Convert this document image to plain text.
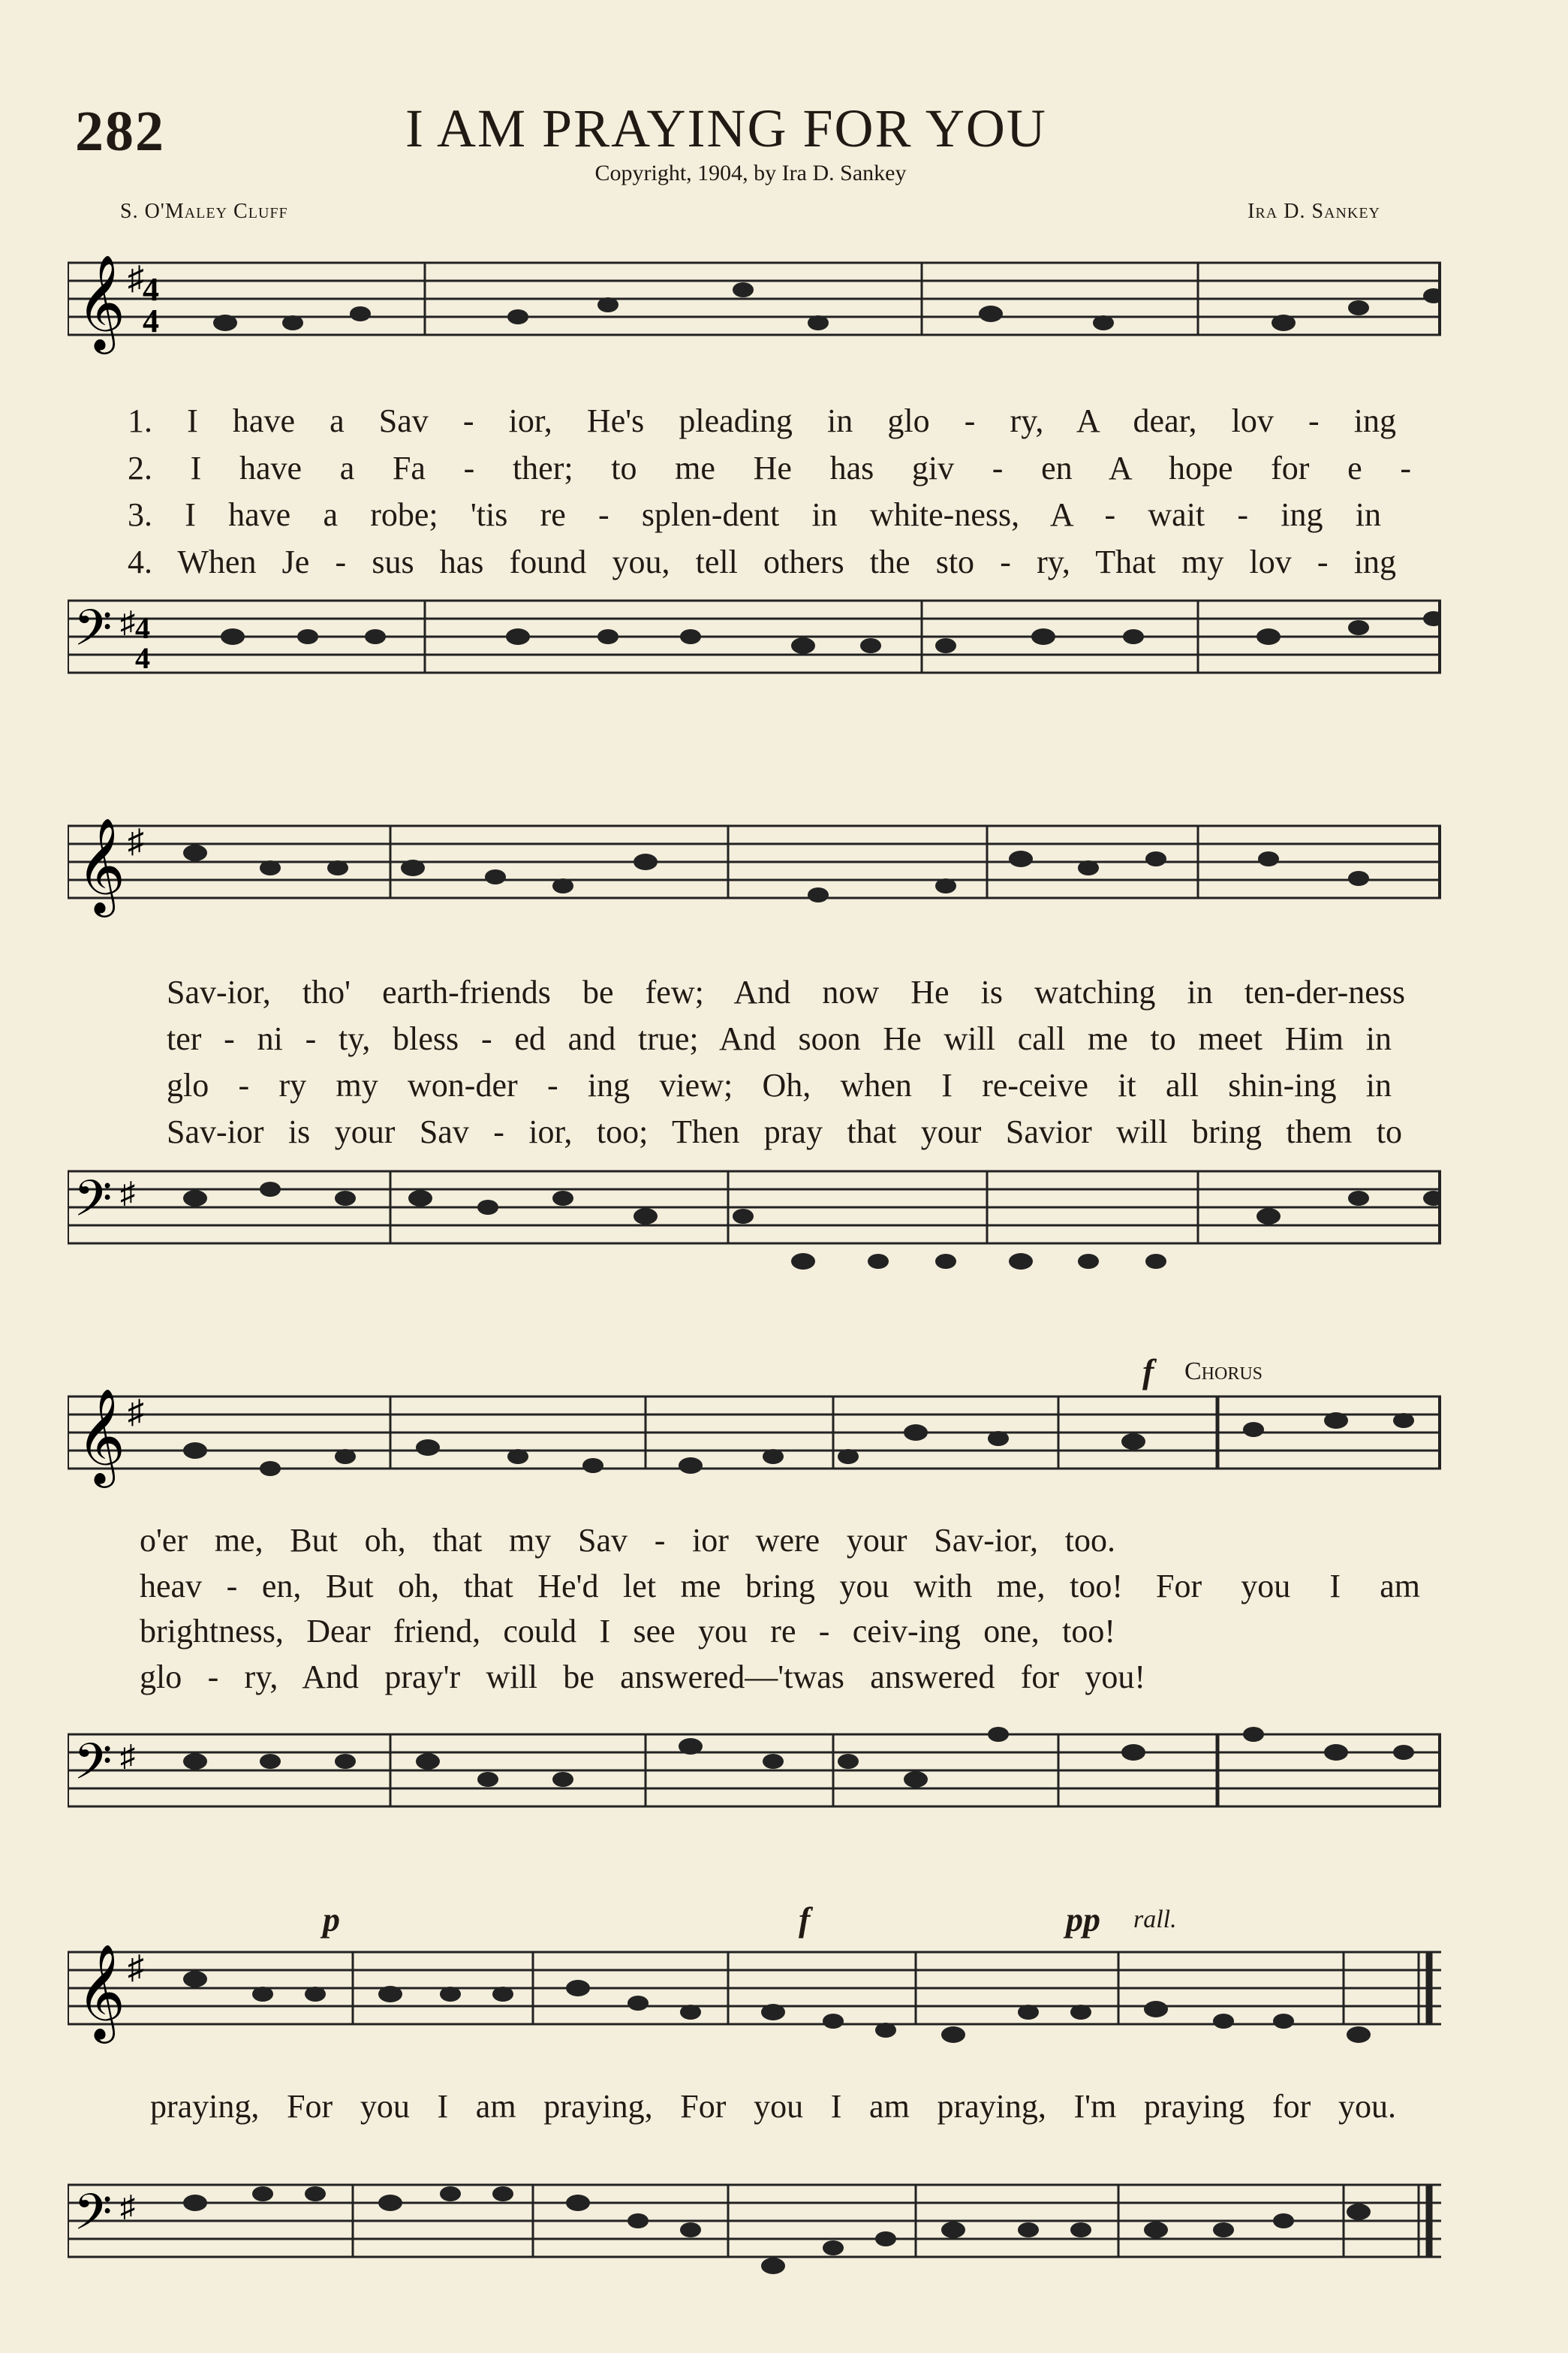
282	I AM PRAYING FOR YOU
Copyright, 1904, by Ira D. Sankey
S. O'Maley Cluff	Ira D. Sankey
𝄞 ♯
4
4
𝄢 ♯ 4
4
1. I have a Sav - ior, He's pleading in glo - ry, A dear, lov - ing
2. I have a Fa - ther; to me He has giv - en A hope for e -
3. I have a robe; 'tis re - splen-dent in white-ness, A - wait - ing in
4. When Je - sus has found you, tell others the sto - ry, That my lov - ing
𝄞 ♯
𝄢 ♯
Sav-ior, tho' earth-friends be few; And now He is watching in ten-der-ness
ter - ni - ty, bless - ed and true; And soon He will call me to meet Him in
glo - ry my won-der - ing view; Oh, when I re-ceive it all shin-ing in
Sav-ior is your Sav - ior, too; Then pray that your Savior will bring them to
f Chorus
𝄞 ♯
𝄢 ♯
o'er me, But oh, that my Sav - ior were your Sav-ior, too.
heav - en, But oh, that He'd let me bring you with me, too! For you I am
brightness, Dear friend, could I see you re - ceiv-ing one, too!
glo - ry, And pray'r will be answered—'twas answered for you!
p	f	pp rall.
𝄞 ♯
𝄢 ♯
praying, For you I am praying, For you I am praying, I'm praying for you.
